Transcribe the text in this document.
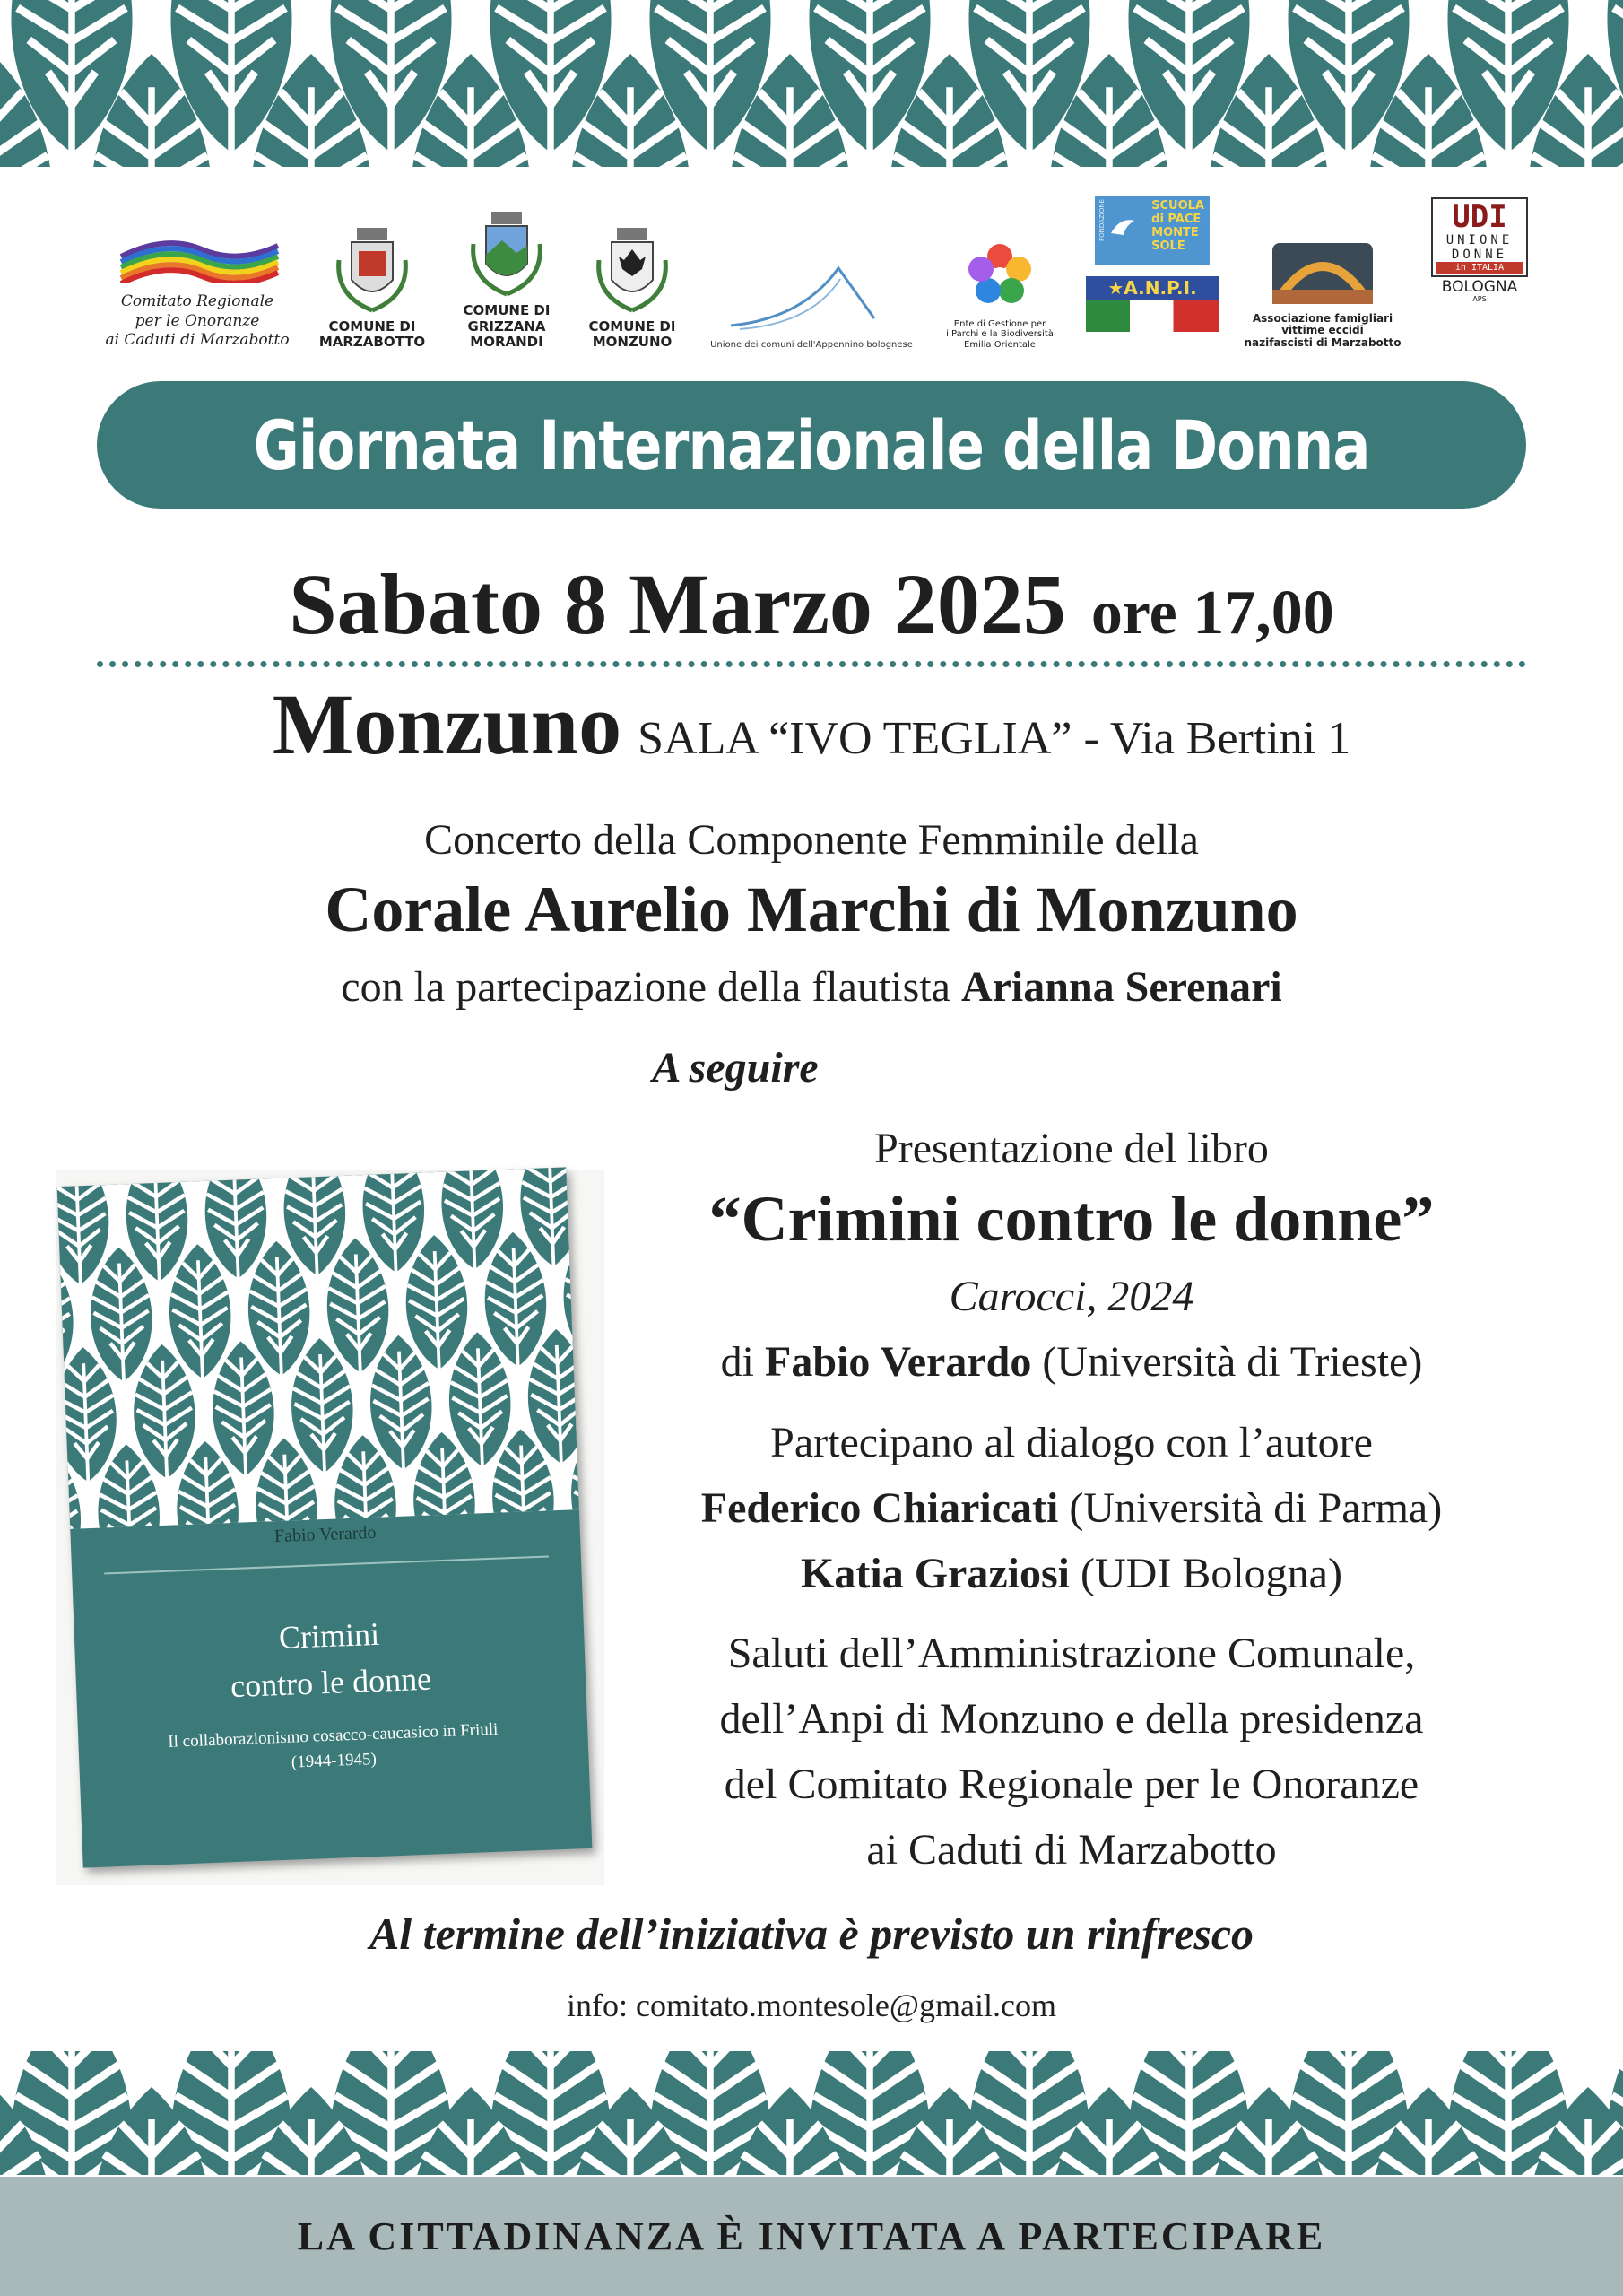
Comitato Regionale
per le Onoranze
ai Caduti di Marzabotto
COMUNE DI
MARZABOTTO
COMUNE DI
GRIZZANA MORANDI
COMUNE DI
MONZUNO	Unione dei comuni dell'Appennino bolognese
Ente di Gestione per
i Parchi e la Biodiversità
Emilia Orientale
FONDAZIONE	SCUOLA
di PACE
MONTE
SOLE
★A.N.P.I.
Associazione famigliari
vittime eccidi
nazifascisti di Marzabotto
UDI
UNIONE
DONNE
in ITALIA
BOLOGNA
APS
Giornata Internazionale della Donna
Sabato 8 Marzo 2025 ore 17,00
Monzuno SALA “IVO TEGLIA” - Via Bertini 1
Concerto della Componente Femminile della
Corale Aurelio Marchi di Monzuno
con la partecipazione della flautista Arianna Serenari
A seguire
Fabio Verardo
Crimini
contro le donne
Il collaborazionismo cosacco-caucasico in Friuli
(1944-1945)
Presentazione del libro
“Crimini contro le donne”
Carocci, 2024
di Fabio Verardo (Università di Trieste)
Partecipano al dialogo con l’autore
Federico Chiaricati (Università di Parma)
Katia Graziosi (UDI Bologna)
Saluti dell’Amministrazione Comunale,
dell’Anpi di Monzuno e della presidenza
del Comitato Regionale per le Onoranze
ai Caduti di Marzabotto
Al termine dell’iniziativa è previsto un rinfresco
info: comitato.montesole@gmail.com
LA CITTADINANZA È INVITATA A PARTECIPARE
